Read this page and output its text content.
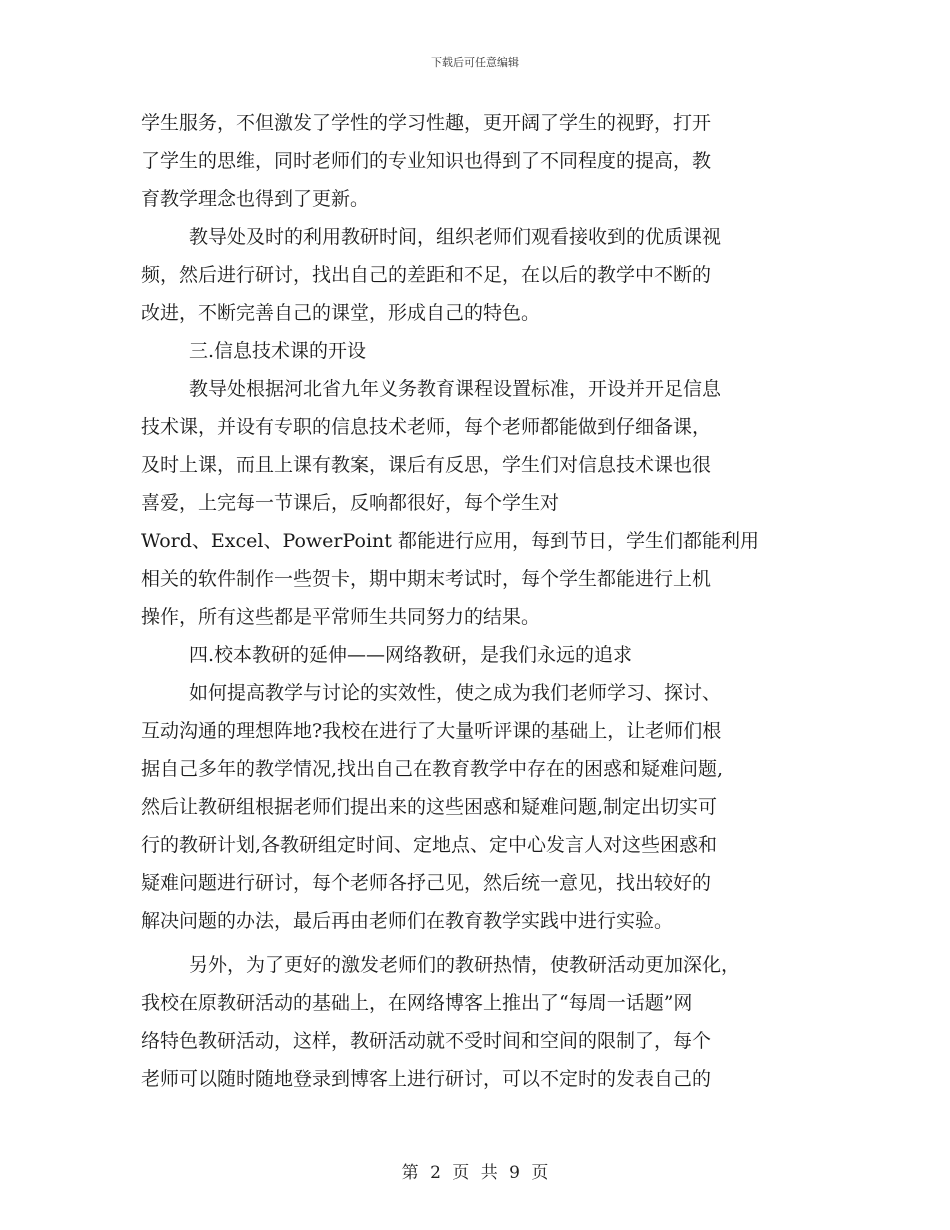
下载后可任意编辑
学生服务，不但激发了学性的学习性趣，更开阔了学生的视野，打开
了学生的思维，同时老师们的专业知识也得到了不同程度的提高，教
育教学理念也得到了更新。
教导处及时的利用教研时间，组织老师们观看接收到的优质课视
频，然后进行研讨，找出自己的差距和不足，在以后的教学中不断的
改进，不断完善自己的课堂，形成自己的特色。
三.信息技术课的开设
教导处根据河北省九年义务教育课程设置标准，开设并开足信息
技术课，并设有专职的信息技术老师，每个老师都能做到仔细备课，
及时上课，而且上课有教案，课后有反思，学生们对信息技术课也很
喜爱，上完每一节课后，反响都很好，每个学生对
Word、Excel、PowerPoint 都能进行应用，每到节日，学生们都能利用
相关的软件制作一些贺卡，期中期末考试时，每个学生都能进行上机
操作，所有这些都是平常师生共同努力的结果。
四.校本教研的延伸——网络教研，是我们永远的追求
如何提高教学与讨论的实效性，使之成为我们老师学习、探讨、
互动沟通的理想阵地?我校在进行了大量听评课的基础上，让老师们根
据自己多年的教学情况,找出自己在教育教学中存在的困惑和疑难问题,
然后让教研组根据老师们提出来的这些困惑和疑难问题,制定出切实可
行的教研计划,各教研组定时间、定地点、定中心发言人对这些困惑和
疑难问题进行研讨，每个老师各抒己见，然后统一意见，找出较好的
解决问题的办法，最后再由老师们在教育教学实践中进行实验。
另外，为了更好的激发老师们的教研热情，使教研活动更加深化，
我校在原教研活动的基础上，在网络博客上推出了“每周一话题”网
络特色教研活动，这样，教研活动就不受时间和空间的限制了，每个
老师可以随时随地登录到博客上进行研讨，可以不定时的发表自己的
第 2 页 共 9 页
